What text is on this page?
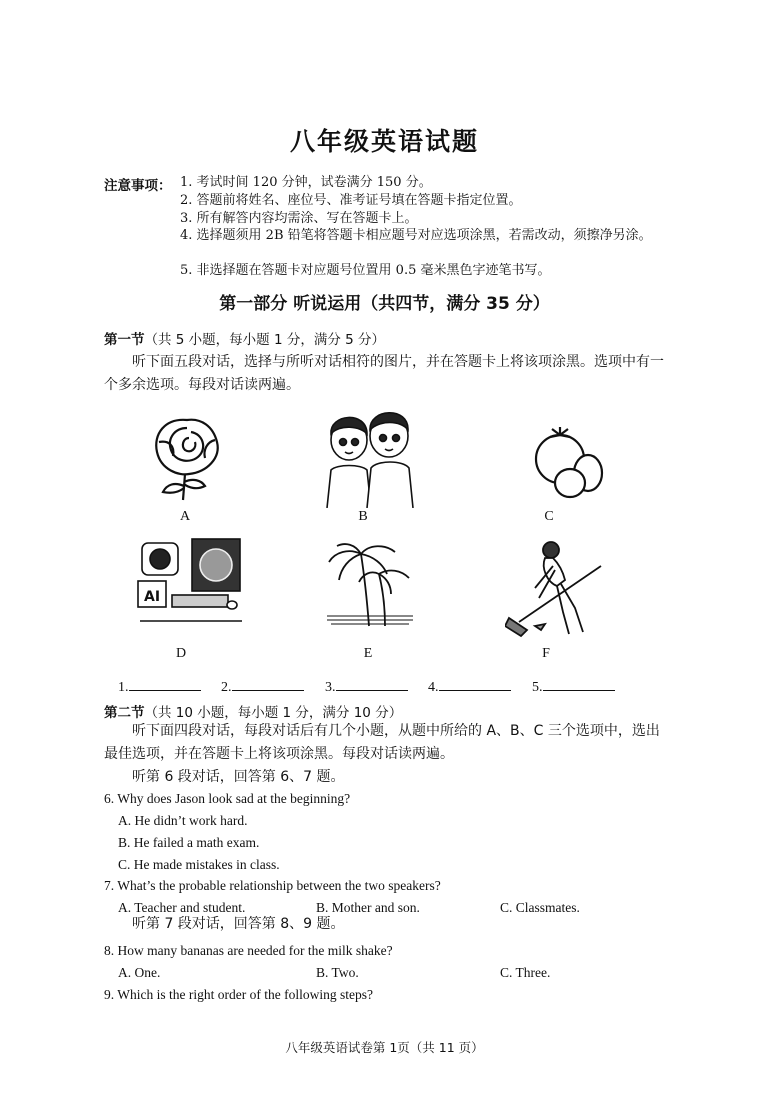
八年级英语试题
注意事项： 1. 考试时间 120 分钟，试卷满分 150 分。
2. 答题前将姓名、座位号、准考证号填在答题卡指定位置。
3. 所有解答内容均需涂、写在答题卡上。
4. 选择题须用 2B 铅笔将答题卡相应题号对应选项涂黑，若需改动，须擦净另涂。
5. 非选择题在答题卡对应题号位置用 0.5 毫米黑色字迹笔书写。
第一部分 听说运用（共四节，满分 35 分）
第一节（共 5 小题，每小题 1 分，满分 5 分）
听下面五段对话，选择与所听对话相符的图片，并在答题卡上将该项涂黑。选项中有一个多余选项。每段对话读两遍。
A	B	C
AI
D	E	F
1.	2.	3.	4.	5.
第二节（共 10 小题，每小题 1 分，满分 10 分）
听下面四段对话，每段对话后有几个小题，从题中所给的 A、B、C 三个选项中，选出最佳选项，并在答题卡上将该项涂黑。每段对话读两遍。
听第 6 段对话，回答第 6、7 题。
6. Why does Jason look sad at the beginning?
A. He didn’t work hard.
B. He failed a math exam.
C. He made mistakes in class.
7. What’s the probable relationship between the two speakers?
A. Teacher and student.	B. Mother and son.	C. Classmates.
听第 7 段对话，回答第 8、9 题。
8. How many bananas are needed for the milk shake?
A. One.	B. Two.	C. Three.
9. Which is the right order of the following steps?
八年级英语试卷第 1页（共 11 页）
